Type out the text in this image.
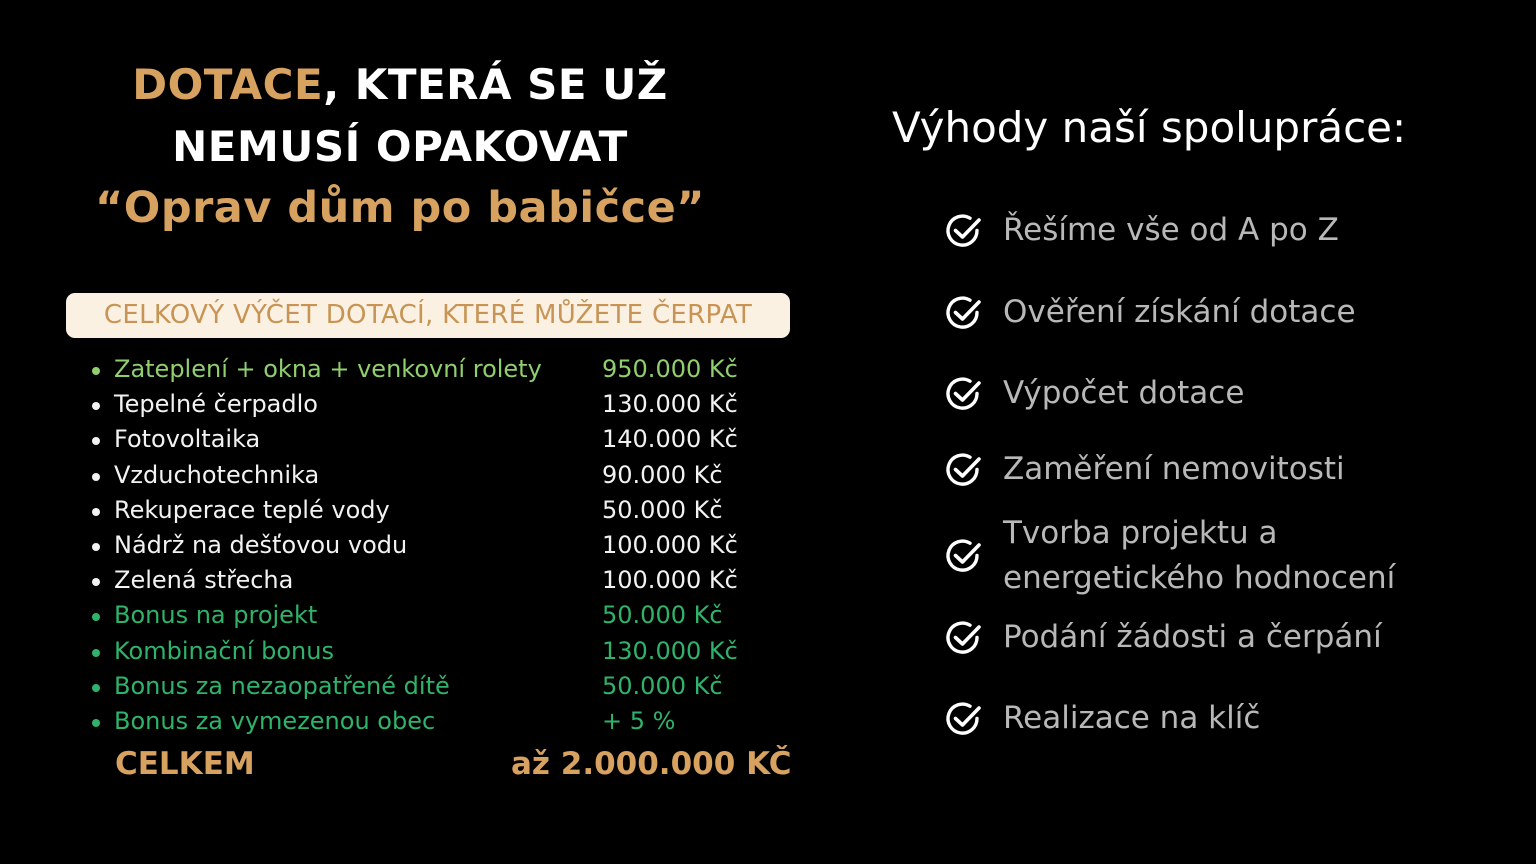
DOTACE, KTERÁ SE UŽ
NEMUSÍ OPAKOVAT
“Oprav dům po babičce”
CELKOVÝ VÝČET DOTACÍ, KTERÉ MŮŽETE ČERPAT
Zateplení + okna + venkovní rolety	950.000 Kč
Tepelné čerpadlo	130.000 Kč
Fotovoltaika	140.000 Kč
Vzduchotechnika	90.000 Kč
Rekuperace teplé vody	50.000 Kč
Nádrž na dešťovou vodu	100.000 Kč
Zelená střecha	100.000 Kč
Bonus na projekt	50.000 Kč
Kombinační bonus	130.000 Kč
Bonus za nezaopatřené dítě	50.000 Kč
Bonus za vymezenou obec	+ 5 %
CELKEM	až 2.000.000 KČ
Výhody naší spolupráce:
Řešíme vše od A po Z
Ověření získání dotace
Výpočet dotace
Zaměření nemovitosti
Tvorba projektu a
energetického hodnocení
Podání žádosti a čerpání
Realizace na klíč
